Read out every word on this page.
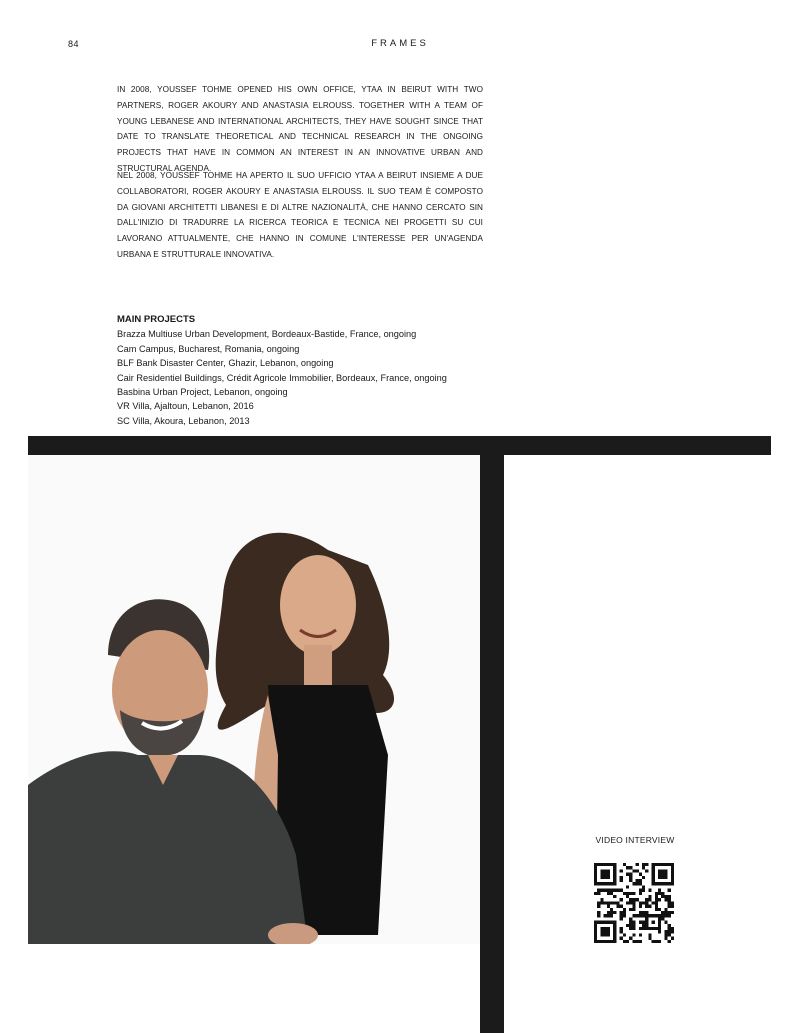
84	FRAMES

IN 2008, YOUSSEF TOHME OPENED HIS OWN OFFICE, YTAA IN BEIRUT WITH TWO PARTNERS, ROGER AKOURY AND ANASTASIA ELROUSS. TOGETHER WITH A TEAM OF YOUNG LEBANESE AND INTERNATIONAL ARCHITECTS, THEY HAVE SOUGHT SINCE THAT DATE TO TRANSLATE THEORETICAL AND TECHNICAL RESEARCH IN THE ONGOING PROJECTS THAT HAVE IN COMMON AN INTEREST IN AN INNOVATIVE URBAN AND STRUCTURAL AGENDA.

NEL 2008, YOUSSEF TOHME HA APERTO IL SUO UFFICIO YTAA A BEIRUT INSIEME A DUE COLLABORATORI, ROGER AKOURY E ANASTASIA ELROUSS. IL SUO TEAM È COMPOSTO DA GIOVANI ARCHITETTI LIBANESI E DI ALTRE NAZIONALITÀ, CHE HANNO CERCATO SIN DALL'INIZIO DI TRADURRE LA RICERCA TEORICA E TECNICA NEI PROGETTI SU CUI LAVORANO ATTUALMENTE, CHE HANNO IN COMUNE L'INTERESSE PER UN'AGENDA URBANA E STRUTTURALE INNOVATIVA.

MAIN PROJECTS
Brazza Multiuse Urban Development, Bordeaux-Bastide, France, ongoing
Cam Campus, Bucharest, Romania, ongoing
BLF Bank Disaster Center, Ghazir, Lebanon, ongoing
Cair Residentiel Buildings, Crédit Agricole Immobilier, Bordeaux, France, ongoing
Basbina Urban Project, Lebanon, ongoing
VR Villa, Ajaltoun, Lebanon, 2016
SC Villa, Akoura, Lebanon, 2013
VIDEO INTERVIEW
